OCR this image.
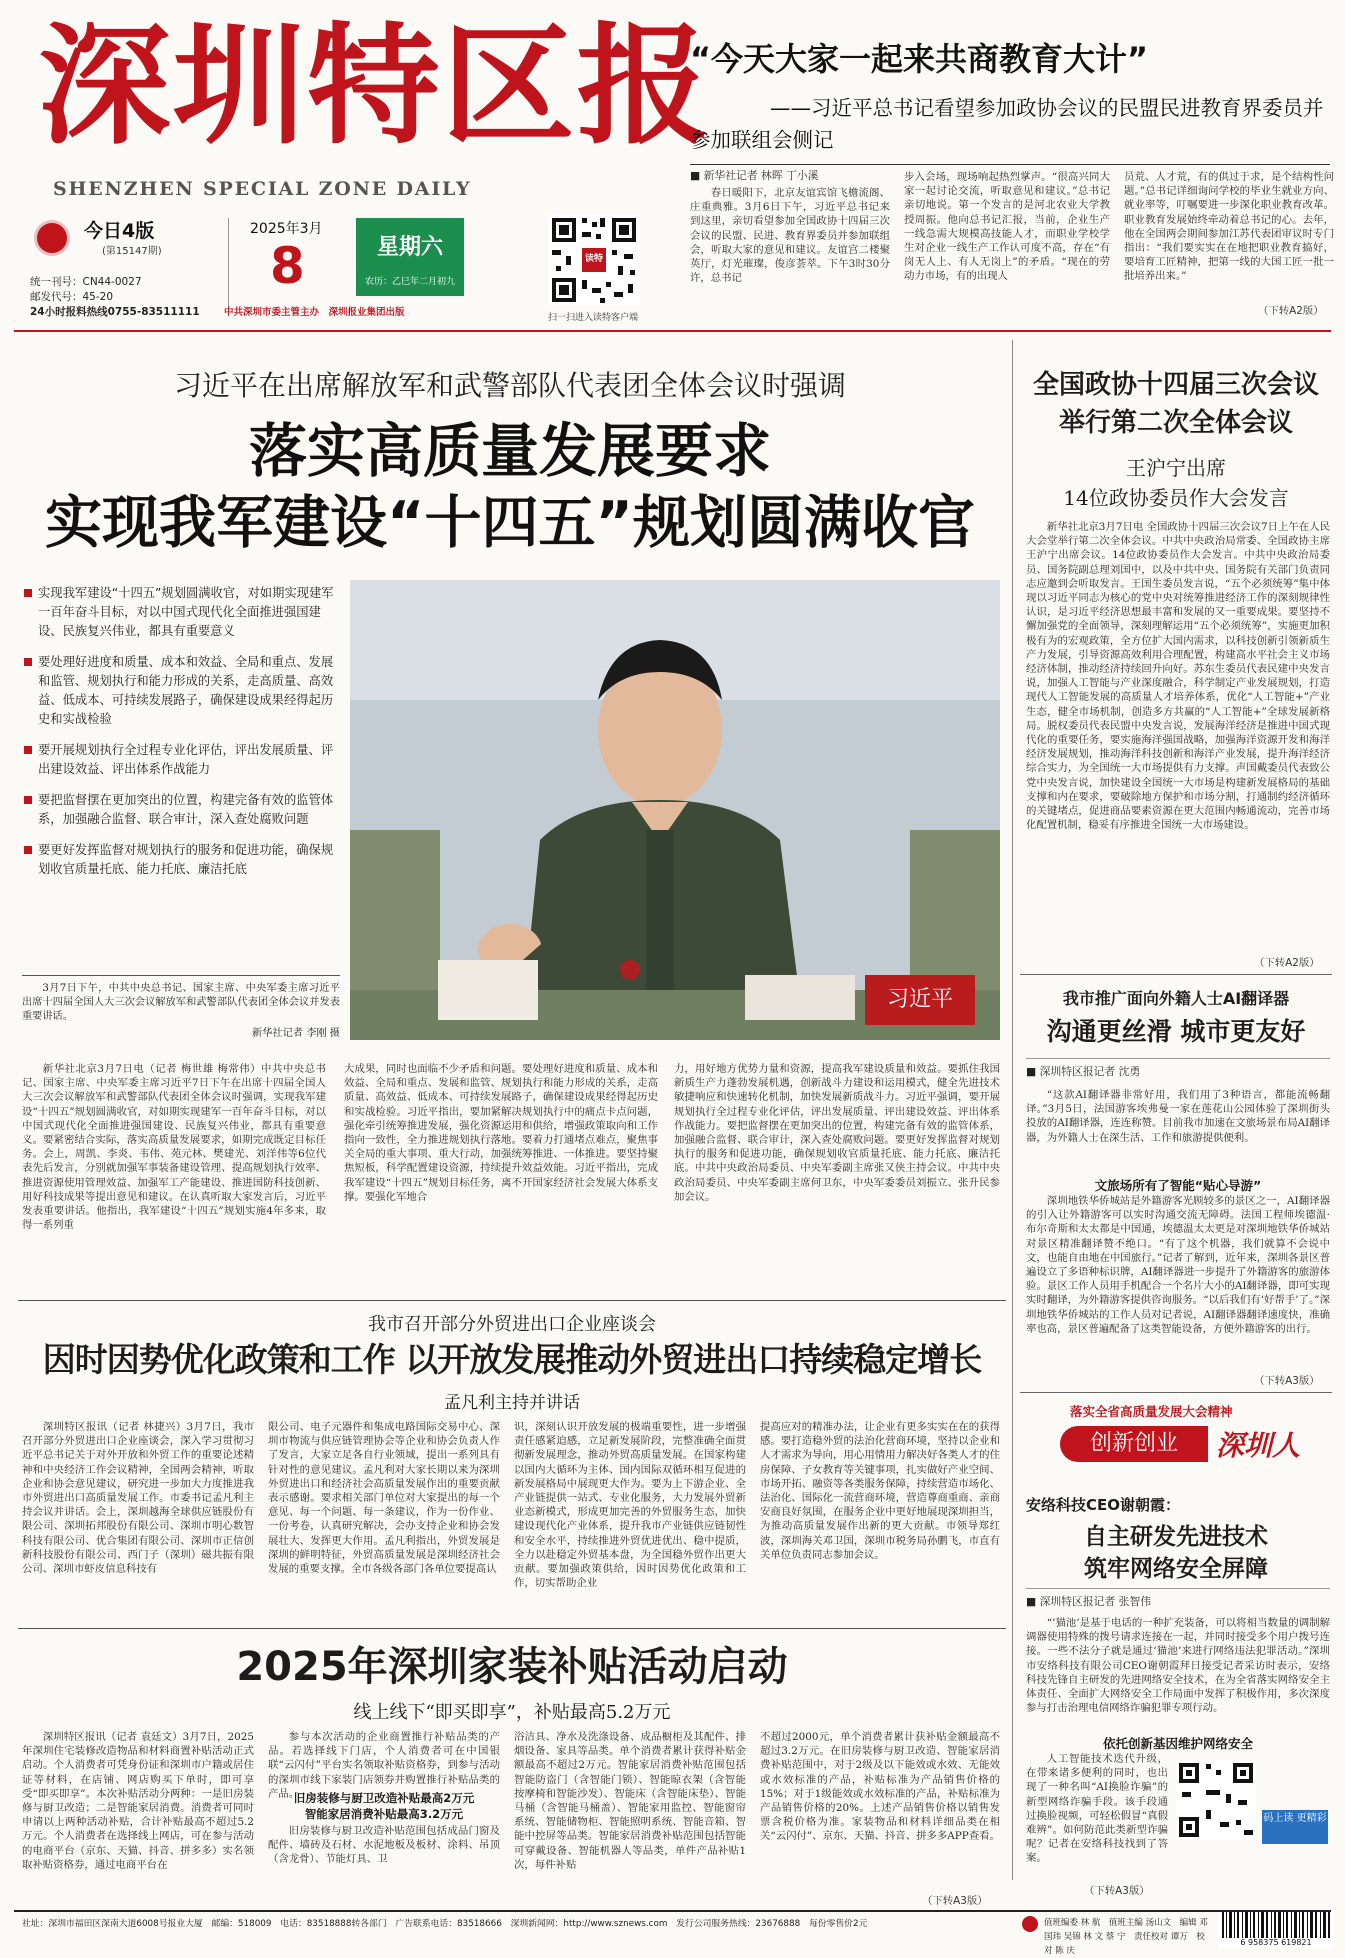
深圳特区报
SHENZHEN SPECIAL ZONE DAILY
今日4版
(第15147期)
统一刊号：CN44-0027
邮发代号：45-20
24小时报料热线0755-83511111
2025年3月
8	星期六
农历：乙巳年二月初九
中共深圳市委主管主办　深圳报业集团出版
读特
扫一扫进入读特客户端
“今天大家一起来共商教育大计”
——习近平总书记看望参加政协会议的民盟民进教育界委员并参加联组会侧记
■ 新华社记者 林晖 丁小溪
春日暖阳下，北京友谊宾馆飞檐流阁、庄重典雅。3月6日下午，习近平总书记来到这里，亲切看望参加全国政协十四届三次会议的民盟、民进、教育界委员并参加联组会，听取大家的意见和建议。友谊宫二楼聚英厅，灯光璀璨，俊彦荟萃。下午3时30分许，总书记
步入会场，现场响起热烈掌声。“很高兴同大家一起讨论交流，听取意见和建议。”总书记亲切地说。第一个发言的是河北农业大学教授周振。他向总书记汇报，当前，企业生产一线急需大规模高技能人才，而职业学校学生对企业一线生产工作认可度不高，存在“有岗无人上、有人无岗上”的矛盾。“现在的劳动力市场，有的出现人
员荒、人才荒，有的供过于求，是个结构性问题。”总书记详细询问学校的毕业生就业方向、就业率等，叮嘱要进一步深化职业教育改革。职业教育发展始终牵动着总书记的心。去年，他在全国两会期间参加江苏代表团审议时专门指出：“我们要实实在在地把职业教育搞好，要培育工匠精神，把第一线的大国工匠一批一批培养出来。”
（下转A2版）
习近平在出席解放军和武警部队代表团全体会议时强调
落实高质量发展要求
实现我军建设“十四五”规划圆满收官
实现我军建设“十四五”规划圆满收官，对如期实现建军一百年奋斗目标，对以中国式现代化全面推进强国建设、民族复兴伟业，都具有重要意义
要处理好进度和质量、成本和效益、全局和重点、发展和监管、规划执行和能力形成的关系，走高质量、高效益、低成本、可持续发展路子，确保建设成果经得起历史和实战检验
要开展规划执行全过程专业化评估，评出发展质量、评出建设效益、评出体系作战能力
要把监督摆在更加突出的位置，构建完备有效的监管体系，加强融合监督、联合审计，深入查处腐败问题
要更好发挥监督对规划执行的服务和促进功能，确保规划收官质量托底、能力托底、廉洁托底
3月7日下午，中共中央总书记、国家主席、中央军委主席习近平出席十四届全国人大三次会议解放军和武警部队代表团全体会议并发表重要讲话。
新华社记者 李刚 摄
习近平
新华社北京3月7日电（记者 梅世雄 梅常伟）中共中央总书记、国家主席、中央军委主席习近平7日下午在出席十四届全国人大三次会议解放军和武警部队代表团全体会议时强调，实现我军建设“十四五”规划圆满收官，对如期实现建军一百年奋斗目标，对以中国式现代化全面推进强国建设、民族复兴伟业，都具有重要意义。要紧密结合实际，落实高质量发展要求，如期完成既定目标任务。会上，周凯、李炎、韦伟、苑元林、樊建光、刘洋伟等6位代表先后发言，分别就加强军事装备建设管理、提高规划执行效率、推进资源使用管理效益、加强军工产能建设、推进国防科技创新、用好科技成果等提出意见和建议。在认真听取大家发言后，习近平发表重要讲话。他指出，我军建设“十四五”规划实施4年多来，取得一系列重
大成果，同时也面临不少矛盾和问题。要处理好进度和质量、成本和效益、全局和重点、发展和监管、规划执行和能力形成的关系，走高质量、高效益、低成本、可持续发展路子，确保建设成果经得起历史和实战检验。习近平指出，要加紧解决规划执行中的痛点卡点问题，强化牵引统筹推进发展，强化资源运用和供给，增强政策取向和工作指向一致性，全力推进规划执行落地。要着力打通堵点难点，聚焦事关全局的重大事项、重大行动，加强统筹推进、一体推进。要坚持聚焦短板，科学配置建设资源，持续提升效益效能。习近平指出，完成我军建设“十四五”规划目标任务，离不开国家经济社会发展大体系支撑。要强化军地合
力，用好地方优势力量和资源，提高我军建设质量和效益。要抓住我国新质生产力蓬勃发展机遇，创新战斗力建设和运用模式，健全先进技术敏捷响应和快速转化机制，加快发展新质战斗力。习近平强调，要开展规划执行全过程专业化评估，评出发展质量、评出建设效益、评出体系作战能力。要把监督摆在更加突出的位置，构建完备有效的监管体系，加强融合监督、联合审计，深入查处腐败问题。要更好发挥监督对规划执行的服务和促进功能，确保规划收官质量托底、能力托底、廉洁托底。中共中央政治局委员、中央军委副主席张又侠主持会议。中共中央政治局委员、中央军委副主席何卫东，中央军委委员刘振立、张升民参加会议。
全国政协十四届三次会议
举行第二次全体会议
王沪宁出席
14位政协委员作大会发言
新华社北京3月7日电 全国政协十四届三次会议7日上午在人民大会堂举行第二次全体会议。中共中央政治局常委、全国政协主席王沪宁出席会议。14位政协委员作大会发言。中共中央政治局委员、国务院副总理刘国中，以及中共中央、国务院有关部门负责同志应邀到会听取发言。王国生委员发言说，“五个必须统筹”集中体现以习近平同志为核心的党中央对统筹推进经济工作的深刻规律性认识，是习近平经济思想最丰富和发展的又一重要成果。要坚持不懈加强党的全面领导，深刻理解运用“五个必须统筹”，实施更加积极有为的宏观政策，全方位扩大国内需求，以科技创新引领新质生产力发展，引导资源高效利用合理配置，构建高水平社会主义市场经济体制，推动经济持续回升向好。苏东生委员代表民建中央发言说，加强人工智能与产业深度融合，科学制定产业发展规划，打造现代人工智能发展的高质量人才培养体系，优化“人工智能+”产业生态，健全市场机制，创造多方共赢的“人工智能+”全球发展新格局。脱权委员代表民盟中央发言说，发展海洋经济是推进中国式现代化的重要任务，要实施海洋强国战略，加强海洋资源开发和海洋经济发展规划，推动海洋科技创新和海洋产业发展，提升海洋经济综合实力，为全国统一大市场提供有力支撑。声国戴委员代表致公党中央发言说，加快建设全国统一大市场是构建新发展格局的基础支撑和内在要求，要破除地方保护和市场分割，打通制约经济循环的关键堵点，促进商品要素资源在更大范围内畅通流动，完善市场化配置机制，稳妥有序推进全国统一大市场建设。
（下转A2版）
我市推广面向外籍人士AI翻译器
沟通更丝滑 城市更友好
■ 深圳特区报记者 沈勇
“这款AI翻译器非常好用，我们用了3种语言，都能流畅翻译。”3月5日，法国游客埃弗曼一家在莲花山公园体验了深圳街头投放的AI翻译器，连连称赞。目前我市加速在文旅场景布局AI翻译器，为外籍人士在深生活、工作和旅游提供便利。
文旅场所有了智能“贴心导游”
深圳地铁华侨城站是外籍游客光顾较多的景区之一，AI翻译器的引入让外籍游客可以实时沟通交流无障碍。法国工程师埃德温·布尔奇斯和太太都是中国通，埃德温太太更是对深圳地铁华侨城站对景区精准翻译赞不绝口。“有了这个机器，我们就算不会说中文，也能自由地在中国旅行。”记者了解到，近年来，深圳各景区普遍设立了多语种标识牌，AI翻译器进一步提升了外籍游客的旅游体验。景区工作人员用手机配合一个名片大小的AI翻译器，即可实现实时翻译，为外籍游客提供咨询服务。“以后我们有‘好帮手’了。”深圳地铁华侨城站的工作人员对记者说，AI翻译器翻译速度快，准确率也高，景区普遍配备了这类智能设备，方便外籍游客的出行。
（下转A3版）
我市召开部分外贸进出口企业座谈会
因时因势优化政策和工作 以开放发展推动外贸进出口持续稳定增长
孟凡利主持并讲话
深圳特区报讯（记者 林捷兴）3月7日，我市召开部分外贸进出口企业座谈会，深入学习贯彻习近平总书记关于对外开放和外贸工作的重要论述精神和中央经济工作会议精神，全国两会精神，听取企业和协会意见建议，研究进一步加大力度推进我市外贸进出口高质量发展工作。市委书记孟凡利主持会议并讲话。会上，深圳越海全球供应链股份有限公司、深圳拓邦股份有限公司、深圳市明心数智科技有限公司、优合集团有限公司、深圳市正信创新科技股份有限公司、西门子（深圳）磁共振有限公司、深圳市虾皮信息科技有
限公司、电子元器件和集成电路国际交易中心、深圳市物流与供应链管理协会等企业和协会负责人作了发言，大家立足各自行业领域，提出一系列具有针对性的意见建议。孟凡利对大家长期以来为深圳外贸进出口和经济社会高质量发展作出的重要贡献表示感谢。要求相关部门单位对大家提出的每一个意见、每一个问题、每一条建议，作为一份作业、一份考卷，认真研究解决，会办支持企业和协会发展壮大、发挥更大作用。孟凡利指出，外贸发展是深圳的鲜明特征，外贸高质量发展是深圳经济社会发展的重要支撑。全市各级各部门各单位要提高认
识，深刻认识开放发展的极端重要性，进一步增强责任感紧迫感，立足新发展阶段，完整准确全面贯彻新发展理念，推动外贸高质量发展。在国家构建以国内大循环为主体、国内国际双循环相互促进的新发展格局中展现更大作为。要为上下游企业、全产业链提供一站式、专业化服务，大力发展外贸新业态新模式，形成更加完善的外贸服务生态，加快建设现代化产业体系，提升我市产业链供应链韧性和安全水平，持续推进外贸优进优出、稳中提质，全力以赴稳定外贸基本盘，为全国稳外贸作出更大贡献。要加强政策供给，因时因势优化政策和工作，切实帮助企业
提高应对的精准办法，让企业有更多实实在在的获得感。要打造稳外贸的法治化营商环境，坚持以企业和人才需求为导向，用心用情用力解决好各类人才的住房保障、子女教育等关键事项，扎实做好产业空间、市场开拓、融资等各类服务保障，持续营造市场化、法治化、国际化一流营商环境，营造尊商重商、亲商安商良好氛围，在服务企业中更好地展现深圳担当，为推动高质量发展作出新的更大贡献。市领导郑红波，深圳海关邓卫国，深圳市税务局孙鹏飞，市直有关单位负责同志参加会议。
2025年深圳家装补贴活动启动
线上线下“即买即享”，补贴最高5.2万元
深圳特区报讯（记者 袁廷文）3月7日，2025年深圳住宅装修改造物品和材料商置补贴活动正式启动。个人消费者可凭身份证和深圳市户籍或居住证等材料，在店铺、网店购买下单时，即可享受“即买即享”。本次补贴活动分两种：一是旧房装修与厨卫改造；二是智能家居消费。消费者可同时申请以上两种活动补贴，合计补贴最高不超过5.2万元。个人消费者在选择线上网店，可在参与活动的电商平台（京东、天猫、抖音、拼多多）实名领取补贴资格券，通过电商平台在
参与本次活动的企业商置推行补贴品类的产品。若选择线下门店，个人消费者可在中国银联“云闪付”平台实名领取补贴资格券，到参与活动的深圳市线下家装门店领券并购置推行补贴品类的产品。
旧房装修与厨卫改造补贴最高2万元
智能家居消费补贴最高3.2万元
旧房装修与厨卫改造补贴范围包括成品门窗及配件、墙砖及石材、水泥地板及板材、涂料、吊顶（含龙骨）、节能灯具、卫
浴洁具、净水及洗涤设备、成品橱柜及其配件、排烟设备、家具等品类。单个消费者累计获得补贴金额最高不超过2万元。智能家居消费补贴范围包括智能防盗门（含智能门锁）、智能晾衣架（含智能按摩椅和智能沙发）、智能床（含智能床垫）、智能马桶（含智能马桶盖）、智能家用监控、智能窗帘系统、智能储物柜、智能照明系统、智能音箱、智能中控屏等品类。智能家居消费补贴范围包括智能可穿戴设备、智能机器人等品类，单件产品补贴1次，每件补贴
不超过2000元，单个消费者累计获补贴金额最高不超过3.2万元。在旧房装修与厨卫改造、智能家居消费补贴范围中，对于2级及以下能效或水效、无能效或水效标准的产品，补贴标准为产品销售价格的15%；对于1级能效或水效标准的产品，补贴标准为产品销售价格的20%。上述产品销售价格以销售发票含税价格为准。家装物品和材料详细品类在相关“云闪付”、京东、天猫、抖音、拼多多APP查看。
（下转A3版）
落实全省高质量发展大会精神
创新创业	深圳人
安络科技CEO谢朝霞：
自主研发先进技术
筑牢网络安全屏障
■ 深圳特区报记者 张智伟
“‘猫池’是基于电话的一种扩充装备，可以将相当数量的调制解调器使用特殊的拨号请求连接在一起，并同时接受多个用户拨号连接。一些不法分子就是通过‘猫池’来进行网络违法犯罪活动。”深圳市安络科技有限公司CEO谢朝霞拜日接受记者采访时表示，安络科技先锋自主研发的先进网络安全技术，在为全省落实网络安全主体责任、全面扩大网络安全工作局面中发挥了积极作用，多次深度参与打击治理电信网络诈骗犯罪专项行动。
依托创新基因维护网络安全
人工智能技术迭代升级，在带来诸多便利的同时，也出现了一种名叫“AI换脸诈骗”的新型网络诈骗手段。该手段通过换脸视频，可轻松假冒“真假难辨”。如何防范此类新型诈骗呢？记者在安络科技找到了答案。
（下转A3版）
码上读 更精彩
社址：深圳市福田区深南大道6008号报业大厦　邮编：518009　电话：83518888转各部门　广告联系电话：83518666　深圳新闻网：http://www.sznews.com　发行公司服务热线：23676888　每份零售价2元	值班编委 林 航　值班主编 汤山文　编辑 邓国玮 吴锦 林 文 蔡 宁　责任校对 谭万　校对 陈 庆
6 958375 619821
